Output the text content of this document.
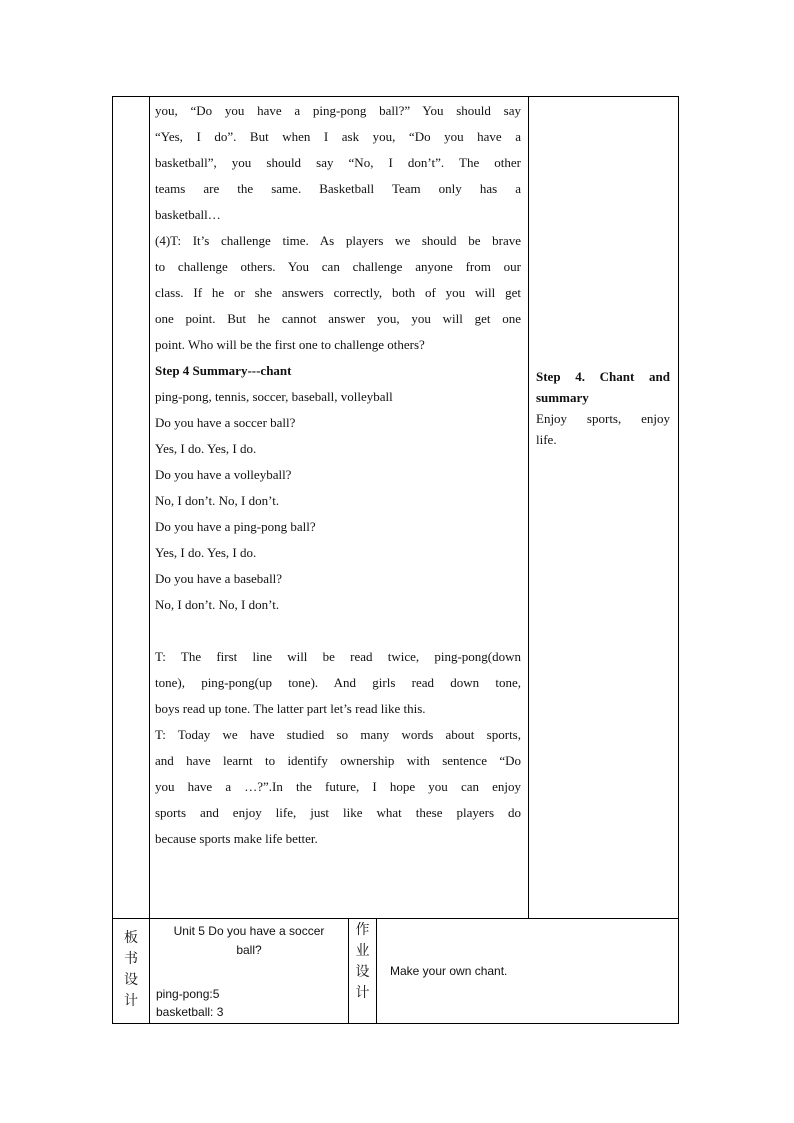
you, “Do you have a ping-pong ball?” You should say

“Yes, I do”. But when I ask you, “Do you have a

basketball”, you should say “No, I don’t”. The other

teams are the same. Basketball Team only has a

basketball…

(4)T: It’s challenge time. As players we should be brave

to challenge others. You can challenge anyone from our

class. If he or she answers correctly, both of you will get

one point. But he cannot answer you, you will get one

point. Who will be the first one to challenge others?

Step 4 Summary---chant

ping-pong, tennis, soccer, baseball, volleyball

Do you have a soccer ball?

Yes, I do. Yes, I do.

Do you have a volleyball?

No, I don’t. No, I don’t.

Do you have a ping-pong ball?

Yes, I do. Yes, I do.

Do you have a baseball?

No, I don’t. No, I don’t.

T: The first line will be read twice, ping-pong(down

tone), ping-pong(up tone). And girls read down tone,

boys read up tone. The latter part let’s read like this.

T: Today we have studied so many words about sports,

and have learnt to identify ownership with sentence “Do

you have a …?”.In the future, I hope you can enjoy

sports and enjoy life, just like what these players do

because sports make life better.

Step 4. Chant and

summary

Enjoy sports, enjoy

life.

板
书
设
计
Unit 5 Do you have a soccer
ball?
ping-pong:5
basketball: 3
作
业
设
计
Make your own chant.
